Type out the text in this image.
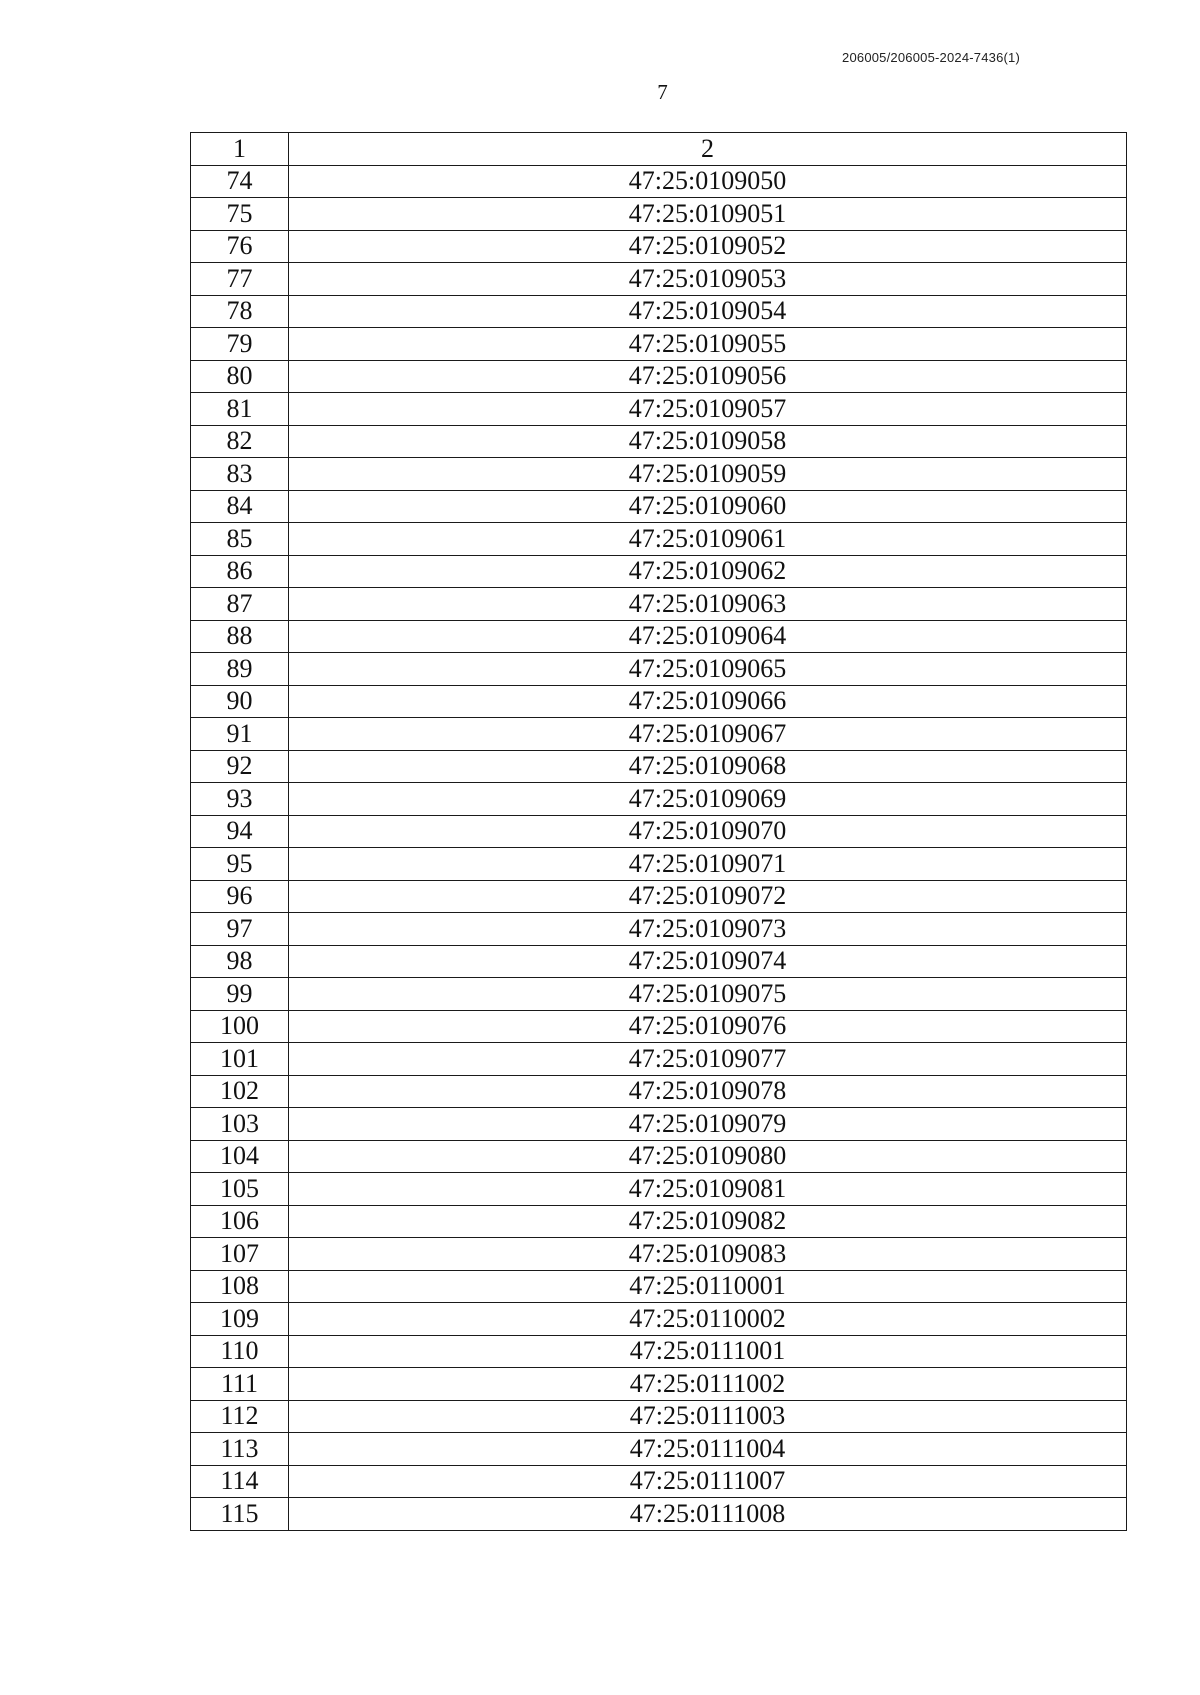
206005/206005-2024-7436(1)
7
1	2
74	47:25:0109050
75	47:25:0109051
76	47:25:0109052
77	47:25:0109053
78	47:25:0109054
79	47:25:0109055
80	47:25:0109056
81	47:25:0109057
82	47:25:0109058
83	47:25:0109059
84	47:25:0109060
85	47:25:0109061
86	47:25:0109062
87	47:25:0109063
88	47:25:0109064
89	47:25:0109065
90	47:25:0109066
91	47:25:0109067
92	47:25:0109068
93	47:25:0109069
94	47:25:0109070
95	47:25:0109071
96	47:25:0109072
97	47:25:0109073
98	47:25:0109074
99	47:25:0109075
100	47:25:0109076
101	47:25:0109077
102	47:25:0109078
103	47:25:0109079
104	47:25:0109080
105	47:25:0109081
106	47:25:0109082
107	47:25:0109083
108	47:25:0110001
109	47:25:0110002
110	47:25:0111001
111	47:25:0111002
112	47:25:0111003
113	47:25:0111004
114	47:25:0111007
115	47:25:0111008
